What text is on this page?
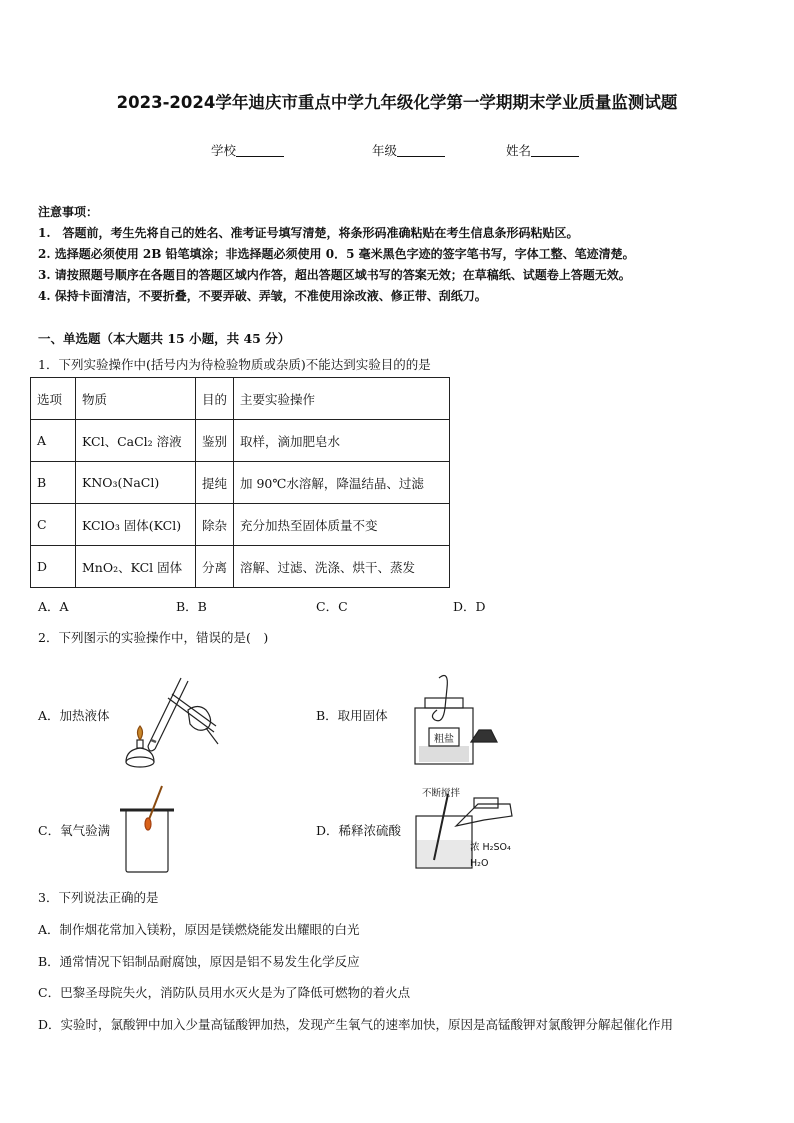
2023-2024学年迪庆市重点中学九年级化学第一学期期末学业质量监测试题
学校	年级	姓名
注意事项：
1.　答题前，考生先将自己的姓名、准考证号填写清楚，将条形码准确粘贴在考生信息条形码粘贴区。
2. 选择题必须使用 2B 铅笔填涂；非选择题必须使用 0．5 毫米黑色字迹的签字笔书写，字体工整、笔迹清楚。
3. 请按照题号顺序在各题目的答题区域内作答，超出答题区域书写的答案无效；在草稿纸、试题卷上答题无效。
4. 保持卡面清洁，不要折叠，不要弄破、弄皱，不准使用涂改液、修正带、刮纸刀。
一、单选题（本大题共 15 小题，共 45 分）
1．下列实验操作中(括号内为待检验物质或杂质)不能达到实验目的的是
选项	物质	目的	主要实验操作
A	KCl、CaCl₂ 溶液	鉴别	取样，滴加肥皂水
B	KNO₃(NaCl)	提纯	加 90℃水溶解，降温结晶、过滤
C	KClO₃ 固体(KCl)	除杂	充分加热至固体质量不变
D	MnO₂、KCl 固体	分离	溶解、过滤、洗涤、烘干、蒸发
A．A	B．B	C．C	D．D
2．下列图示的实验操作中，错误的是(　)
A．加热液体	B．取用固体
C．氧气验满	D．稀释浓硫酸
粗盐
不断搅拌
浓 H₂SO₄
H₂O
3．下列说法正确的是
A．制作烟花常加入镁粉，原因是镁燃烧能发出耀眼的白光
B．通常情况下铝制品耐腐蚀，原因是铝不易发生化学反应
C．巴黎圣母院失火，消防队员用水灭火是为了降低可燃物的着火点
D．实验时，氯酸钾中加入少量高锰酸钾加热，发现产生氧气的速率加快，原因是高锰酸钾对氯酸钾分解起催化作用
